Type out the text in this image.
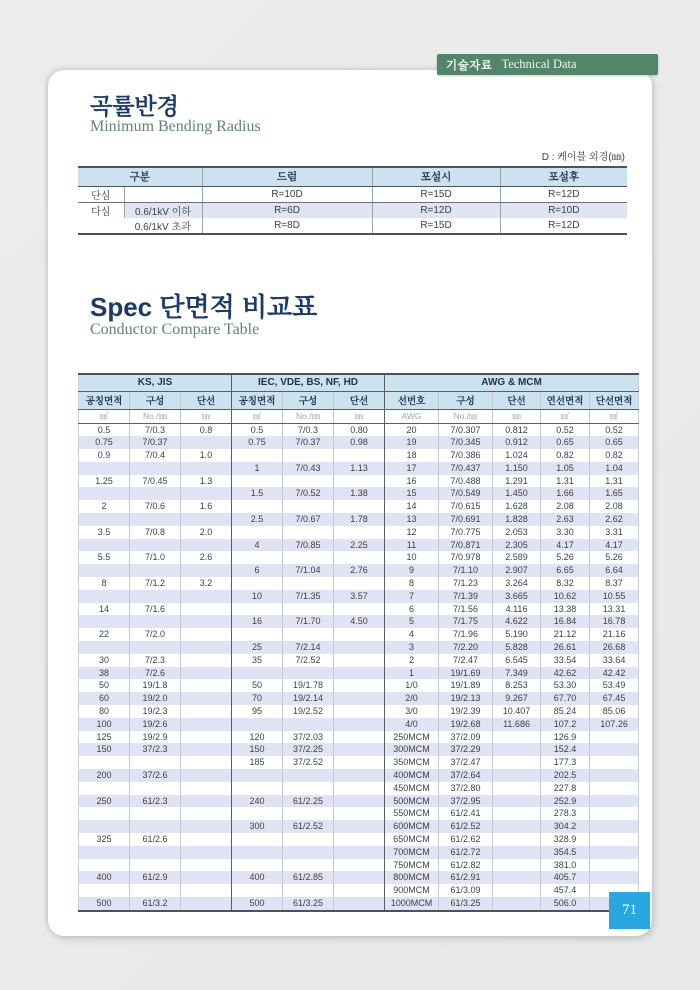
곡률반경
Minimum Bending Radius
D : 케이블 외경(㎜)
구분		드럼	포설시	포설후
단심		R=10D	R=15D	R=12D
다심	0.6/1kV 이하	R=6D	R=12D	R=10D
	0.6/1kV 초과	R=8D	R=15D	R=12D
Spec 단면적 비교표
Conductor Compare Table
KS, JIS			IEC, VDE, BS, NF, HD			AWG & MCM				
공칭면적	구성	단선	공칭면적	구성	단선	선번호	구성	단선	연선면적	단선면적
㎟	No./㎜	㎜	㎟	No./㎜	㎜	AWG	No./㎜	㎜	㎟	㎟
0.5	7/0.3	0.8	0.5	7/0.3	0.80	20	7/0.307	0.812	0.52	0.52
0.75	7/0.37		0.75	7/0.37	0.98	19	7/0.345	0.912	0.65	0.65
0.9	7/0.4	1.0				18	7/0.386	1.024	0.82	0.82
			1	7/0.43	1.13	17	7/0.437	1.150	1.05	1.04
1.25	7/0.45	1.3				16	7/0.488	1.291	1.31	1.31
			1.5	7/0.52	1.38	15	7/0.549	1.450	1.66	1.65
2	7/0.6	1.6				14	7/0.615	1.628	2.08	2.08
			2.5	7/0.67	1.78	13	7/0.691	1.828	2.63	2.62
3.5	7/0.8	2.0				12	7/0.775	2.053	3.30	3.31
			4	7/0.85	2.25	11	7/0.871	2.305	4.17	4.17
5.5	7/1.0	2.6				10	7/0.978	2.589	5.26	5.26
			6	7/1.04	2.76	9	7/1.10	2.907	6.65	6.64
8	7/1.2	3.2				8	7/1.23	3.264	8.32	8.37
			10	7/1.35	3.57	7	7/1.39	3.665	10.62	10.55
14	7/1.6					6	7/1.56	4.116	13.38	13.31
			16	7/1.70	4.50	5	7/1.75	4.622	16.84	16.78
22	7/2.0					4	7/1.96	5.190	21.12	21.16
			25	7/2.14		3	7/2.20	5.828	26.61	26.68
30	7/2.3		35	7/2.52		2	7/2.47	6.545	33.54	33.64
38	7/2.6					1	19/1.69	7.349	42.62	42.42
50	19/1.8		50	19/1.78		1/0	19/1.89	8.253	53.30	53.49
60	19/2.0		70	19/2.14		2/0	19/2.13	9.267	67.70	67.45
80	19/2.3		95	19/2.52		3/0	19/2.39	10.407	85.24	85.06
100	19/2.6					4/0	19/2.68	11.686	107.2	107.26
125	19/2.9		120	37/2.03		250MCM	37/2.09		126.9	
150	37/2.3		150	37/2.25		300MCM	37/2.29		152.4	
			185	37/2.52		350MCM	37/2.47		177.3	
200	37/2.6					400MCM	37/2.64		202.5	
						450MCM	37/2.80		227.8	
250	61/2.3		240	61/2.25		500MCM	37/2.95		252.9	
						550MCM	61/2.41		278.3	
			300	61/2.52		600MCM	61/2.52		304.2	
325	61/2.6					650MCM	61/2.62		328.9	
						700MCM	61/2.72		354.5	
						750MCM	61/2.82		381.0	
400	61/2.9		400	61/2.85		800MCM	61/2.91		405.7	
						900MCM	61/3.09		457.4	
500	61/3.2		500	61/3.25		1000MCM	61/3.25		506.0		71
기술자료 Technical Data
